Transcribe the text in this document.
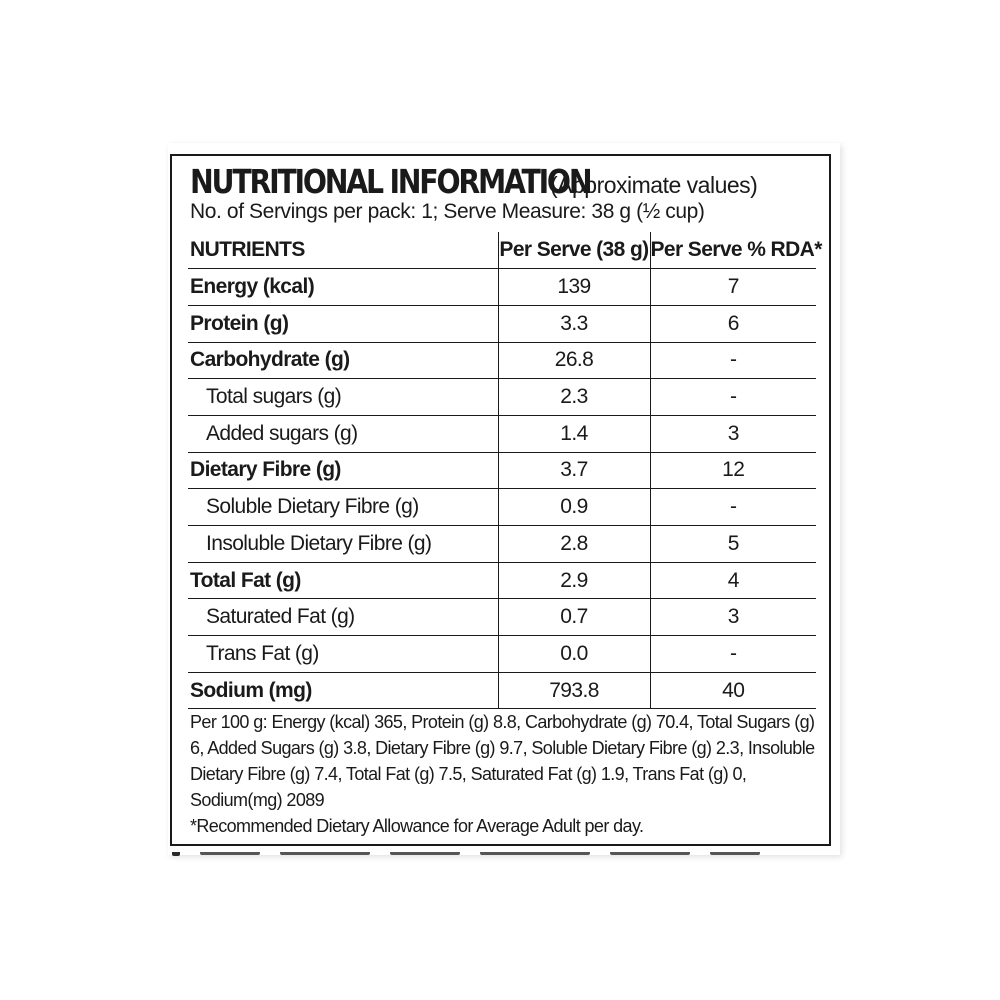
NUTRITIONAL INFORMATION
(Approximate values)
No. of Servings per pack: 1; Serve Measure: 38 g (½ cup)
NUTRIENTS	Per Serve (38 g)	Per Serve % RDA*
Energy (kcal)	139	7
Protein (g)	3.3	6
Carbohydrate (g)	26.8	-
Total sugars (g)	2.3	-
Added sugars (g)	1.4	3
Dietary Fibre (g)	3.7	12
Soluble Dietary Fibre (g)	0.9	-
Insoluble Dietary Fibre (g)	2.8	5
Total Fat (g)	2.9	4
Saturated Fat (g)	0.7	3
Trans Fat (g)	0.0	-
Sodium (mg)	793.8	40

Per 100 g: Energy (kcal) 365, Protein (g) 8.8, Carbohydrate (g) 70.4, Total Sugars (g) 6, Added Sugars (g) 3.8, Dietary Fibre (g) 9.7, Soluble Dietary Fibre (g) 2.3, Insoluble Dietary Fibre (g) 7.4, Total Fat (g) 7.5, Saturated Fat (g) 1.9, Trans Fat (g) 0, Sodium(mg) 2089

*Recommended Dietary Allowance for Average Adult per day.
